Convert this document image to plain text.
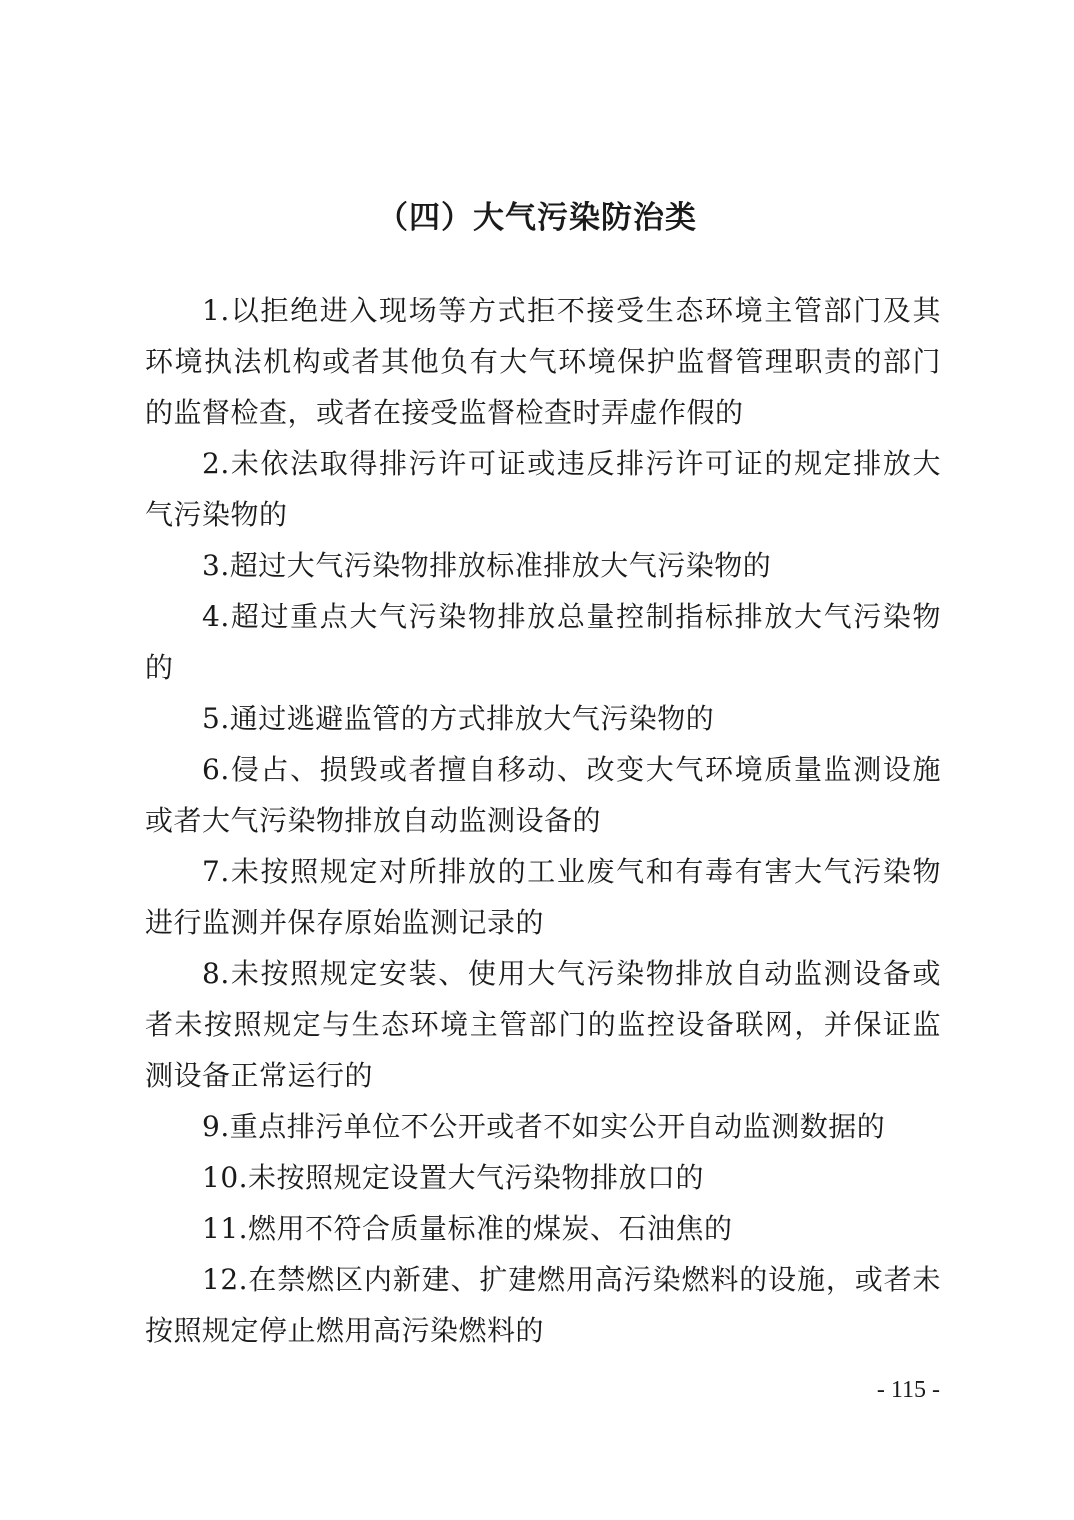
（四）大气污染防治类

1.以拒绝进入现场等方式拒不接受生态环境主管部门及其环境执法机构或者其他负有大气环境保护监督管理职责的部门的监督检查，或者在接受监督检查时弄虚作假的

2.未依法取得排污许可证或违反排污许可证的规定排放大气污染物的

3.超过大气污染物排放标准排放大气污染物的

4.超过重点大气污染物排放总量控制指标排放大气污染物的

5.通过逃避监管的方式排放大气污染物的

6.侵占、损毁或者擅自移动、改变大气环境质量监测设施或者大气污染物排放自动监测设备的

7.未按照规定对所排放的工业废气和有毒有害大气污染物进行监测并保存原始监测记录的

8.未按照规定安装、使用大气污染物排放自动监测设备或者未按照规定与生态环境主管部门的监控设备联网，并保证监测设备正常运行的

9.重点排污单位不公开或者不如实公开自动监测数据的

10.未按照规定设置大气污染物排放口的

11.燃用不符合质量标准的煤炭、石油焦的

12.在禁燃区内新建、扩建燃用高污染燃料的设施，或者未按照规定停止燃用高污染燃料的

- 115 -
